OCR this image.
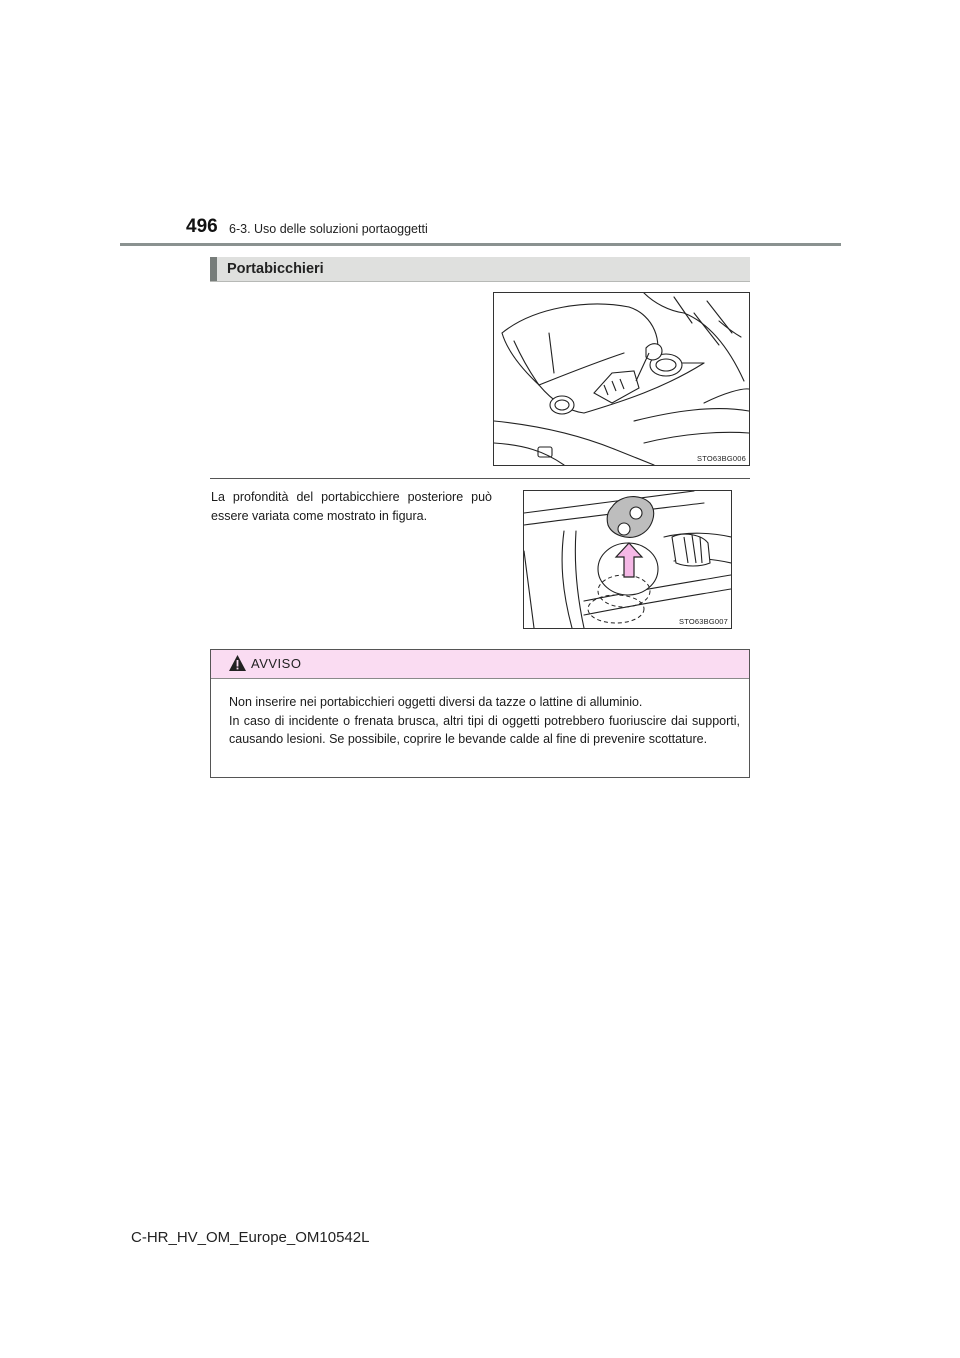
496 6-3. Uso delle soluzioni portaoggetti
Portabicchieri
STO63BG006
La profondità del portabicchiere posteriore può essere variata come mostrato in figura.
STO63BG007
AVVISO
Non inserire nei portabicchieri oggetti diversi da tazze o lattine di alluminio.
In caso di incidente o frenata brusca, altri tipi di oggetti potrebbero fuoriuscire dai supporti, causando lesioni. Se possibile, coprire le bevande calde al fine di prevenire scottature.
C-HR_HV_OM_Europe_OM10542L
